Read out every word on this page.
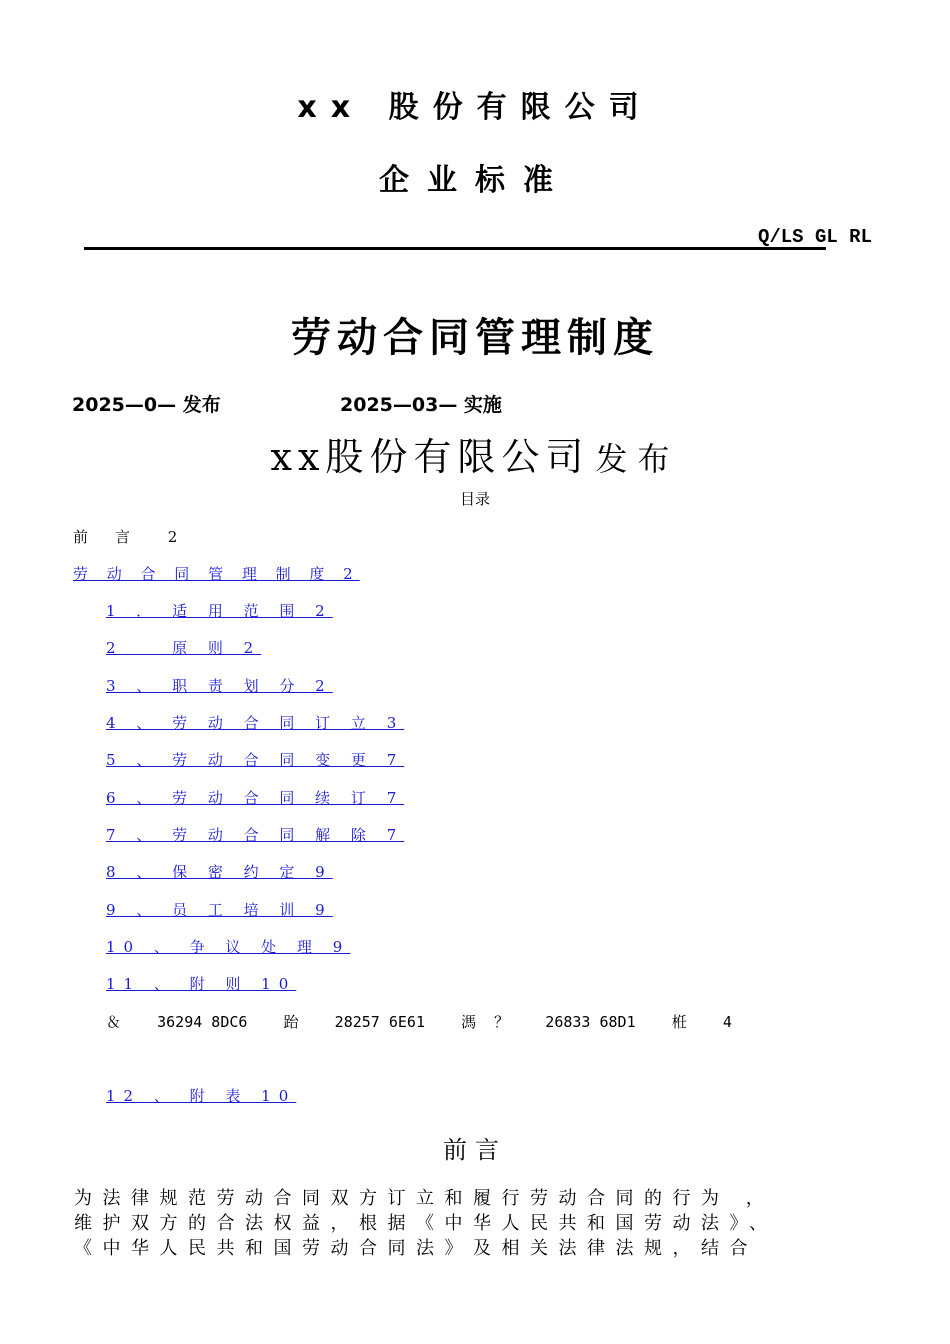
xx 股份有限公司
企业标准
Q/LS GL RL
劳动合同管理制度
2025—0— 发布	2025—03— 实施
xx股份有限公司 发布
目录
前　言　 2
劳 动 合 同 管 理 制 度 2
1 ． 适 用 范 围 2
2 　 原 则 2
3 、 职 责 划 分 2
4 、 劳 动 合 同 订 立 3
5 、 劳 动 合 同 变 更 7
6 、 劳 动 合 同 续 订 7
7 、 劳 动 合 同 解 除 7
8 、 保 密 约 定 9
9 、 员 工 培 训 9
10 、 争 议 处 理 9
11 、 附 则 10
＆    36294 8DC6    跆    28257 6E61    溤  ？    26833 68D1    栣    4
12 、 附 表 10
前言
为法律规范劳动合同双方订立和履行劳动合同的行为 ，
维护双方的合法权益，根据《中华人民共和国劳动法》、
《中华人民共和国劳动合同法》及相关法律法规，结合
